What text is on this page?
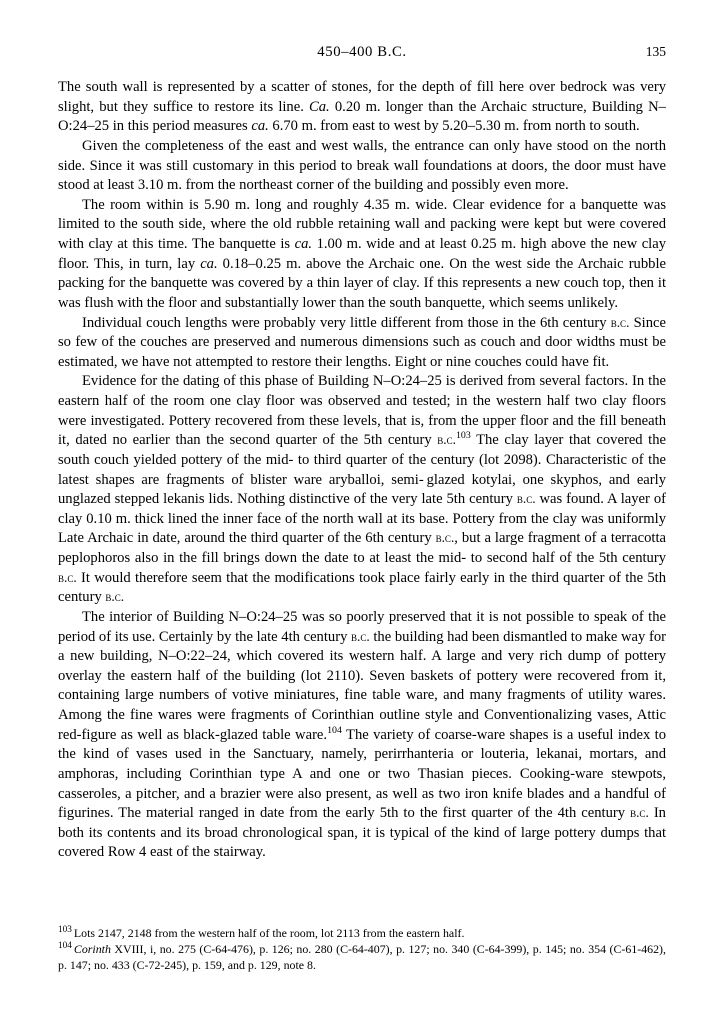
450–400 B.C.	135

The south wall is represented by a scatter of stones, for the depth of fill here over bedrock was very slight, but they suffice to restore its line. Ca. 0.20 m. longer than the Archaic structure, Building N–O:24–25 in this period measures ca. 6.70 m. from east to west by 5.20–5.30 m. from north to south.

Given the completeness of the east and west walls, the entrance can only have stood on the north side. Since it was still customary in this period to break wall foundations at doors, the door must have stood at least 3.10 m. from the northeast corner of the building and possibly even more.

The room within is 5.90 m. long and roughly 4.35 m. wide. Clear evidence for a banquette was limited to the south side, where the old rubble retaining wall and packing were kept but were covered with clay at this time. The banquette is ca. 1.00 m. wide and at least 0.25 m. high above the new clay floor. This, in turn, lay ca. 0.18–0.25 m. above the Archaic one. On the west side the Archaic rubble packing for the banquette was covered by a thin layer of clay. If this represents a new couch top, then it was flush with the floor and substantially lower than the south banquette, which seems unlikely.

Individual couch lengths were probably very little different from those in the 6th century b.c. Since so few of the couches are preserved and numerous dimensions such as couch and door widths must be estimated, we have not attempted to restore their lengths. Eight or nine couches could have fit.

Evidence for the dating of this phase of Building N–O:24–25 is derived from several factors. In the eastern half of the room one clay floor was observed and tested; in the western half two clay floors were investigated. Pottery recovered from these levels, that is, from the upper floor and the fill beneath it, dated no earlier than the second quarter of the 5th century b.c.$^{103}$ The clay layer that covered the south couch yielded pottery of the mid- to third quarter of the century (lot 2098). Characteristic of the latest shapes are fragments of blister ware aryballoi, semi- glazed kotylai, one skyphos, and early unglazed stepped lekanis lids. Nothing distinctive of the very late 5th century b.c. was found. A layer of clay 0.10 m. thick lined the inner face of the north wall at its base. Pottery from the clay was uniformly Late Archaic in date, around the third quarter of the 6th century b.c., but a large fragment of a terracotta peplophoros also in the fill brings down the date to at least the mid- to second half of the 5th century b.c. It would therefore seem that the modifications took place fairly early in the third quarter of the 5th century b.c.

The interior of Building N–O:24–25 was so poorly preserved that it is not possible to speak of the period of its use. Certainly by the late 4th century b.c. the building had been dismantled to make way for a new building, N–O:22–24, which covered its western half. A large and very rich dump of pottery overlay the eastern half of the building (lot 2110). Seven baskets of pottery were recovered from it, containing large numbers of votive miniatures, fine table ware, and many fragments of utility wares. Among the fine wares were fragments of Corinthian outline style and Conventionalizing vases, Attic red-figure as well as black-glazed table ware.$^{104}$ The variety of coarse-ware shapes is a useful index to the kind of vases used in the Sanctuary, namely, perirrhanteria or louteria, lekanai, mortars, and amphoras, including Corinthian type A and one or two Thasian pieces. Cooking-ware stewpots, casseroles, a pitcher, and a brazier were also present, as well as two iron knife blades and a handful of figurines. The material ranged in date from the early 5th to the first quarter of the 4th century b.c. In both its contents and its broad chronological span, it is typical of the kind of large pottery dumps that covered Row 4 east of the stairway.

$^{103}$ Lots 2147, 2148 from the western half of the room, lot 2113 from the eastern half.

$^{104}$ Corinth XVIII, i, no. 275 (C-64-476), p. 126; no. 280 (C-64-407), p. 127; no. 340 (C-64-399), p. 145; no. 354 (C-61-462), p. 147; no. 433 (C-72-245), p. 159, and p. 129, note 8.
